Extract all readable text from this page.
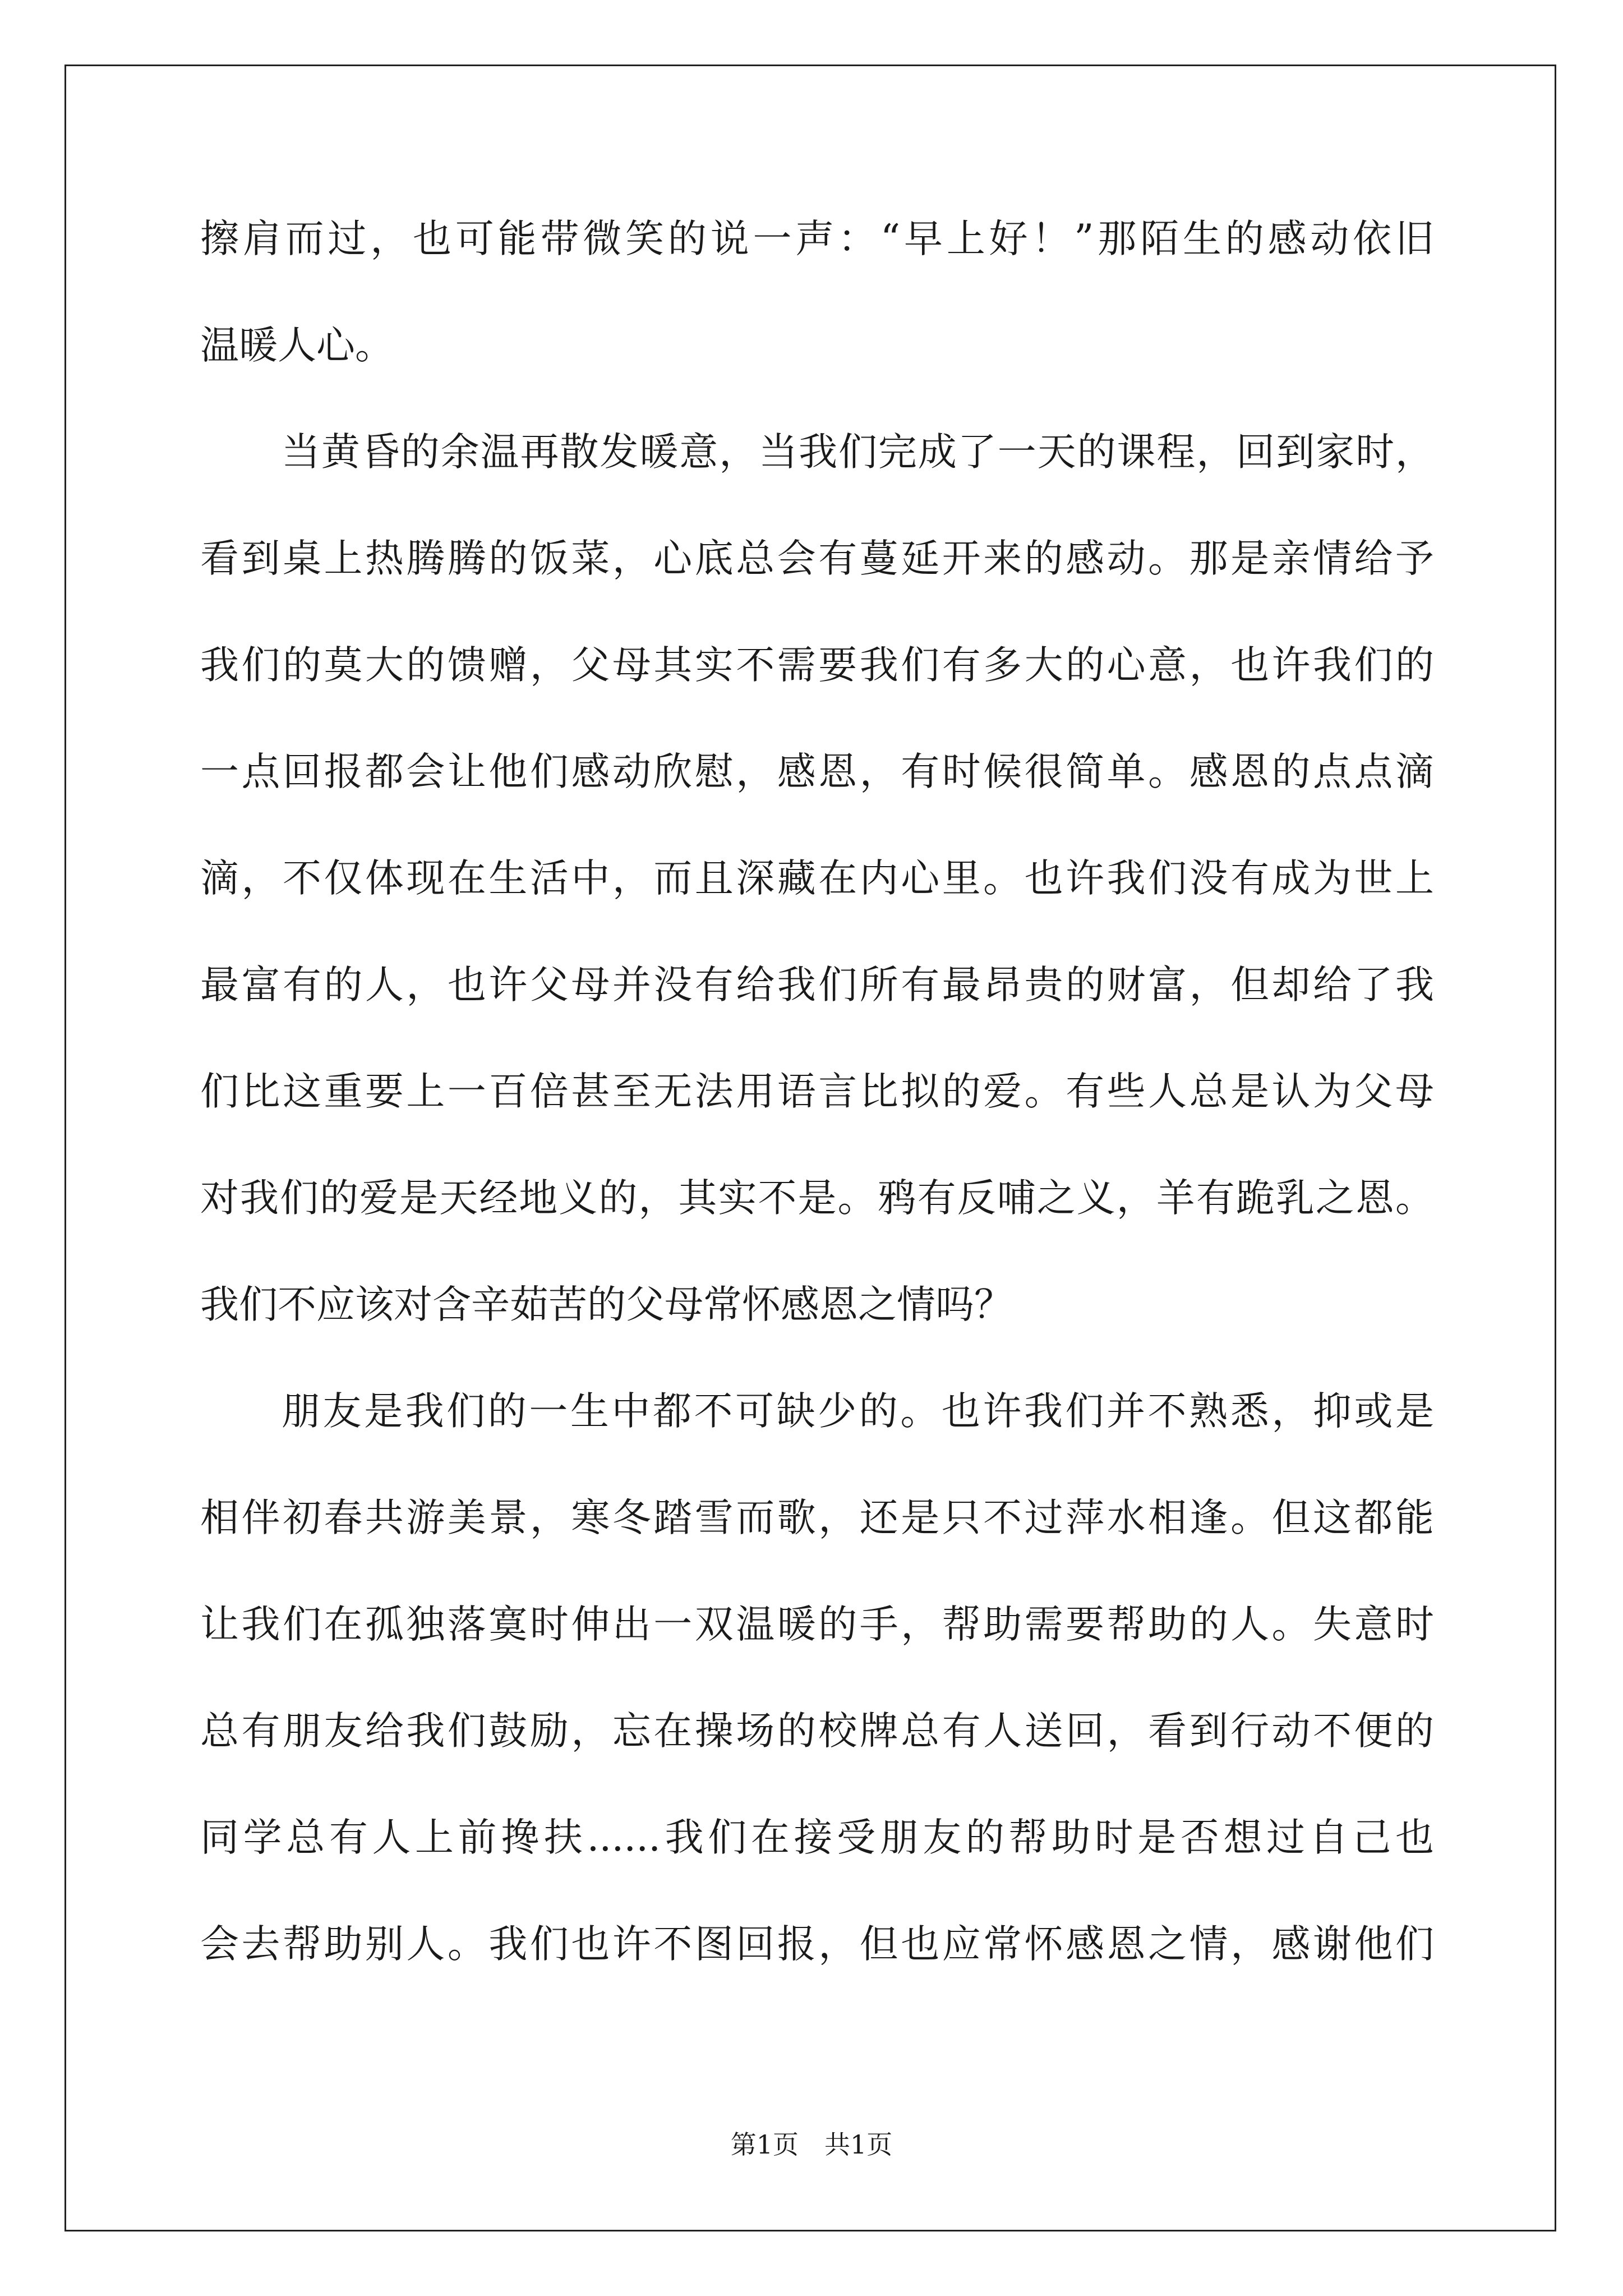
擦肩而过，也可能带微笑的说一声：“早上好！”那陌生的感动依旧
温暖人心。
当黄昏的余温再散发暖意，当我们完成了一天的课程，回到家时，
看到桌上热腾腾的饭菜，心底总会有蔓延开来的感动。那是亲情给予
我们的莫大的馈赠，父母其实不需要我们有多大的心意，也许我们的
一点回报都会让他们感动欣慰，感恩，有时候很简单。感恩的点点滴
滴，不仅体现在生活中，而且深藏在内心里。也许我们没有成为世上
最富有的人，也许父母并没有给我们所有最昂贵的财富，但却给了我
们比这重要上一百倍甚至无法用语言比拟的爱。有些人总是认为父母
对我们的爱是天经地义的，其实不是。鸦有反哺之义，羊有跪乳之恩。
我们不应该对含辛茹苦的父母常怀感恩之情吗？
朋友是我们的一生中都不可缺少的。也许我们并不熟悉，抑或是
相伴初春共游美景，寒冬踏雪而歌，还是只不过萍水相逢。但这都能
让我们在孤独落寞时伸出一双温暖的手，帮助需要帮助的人。失意时
总有朋友给我们鼓励，忘在操场的校牌总有人送回，看到行动不便的
同学总有人上前搀扶......我们在接受朋友的帮助时是否想过自己也
会去帮助别人。我们也许不图回报，但也应常怀感恩之情，感谢他们
第1页 共1页
